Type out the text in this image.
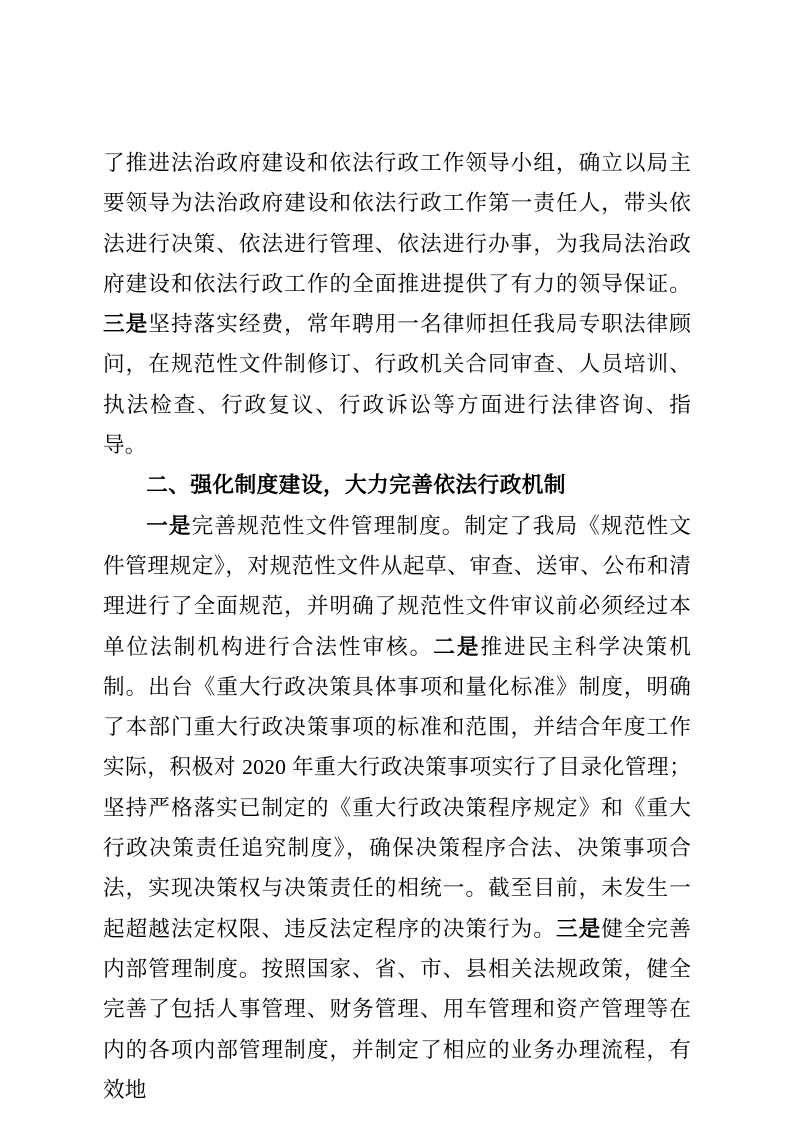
了推进法治政府建设和依法行政工作领导小组，确立以局主要领导为法治政府建设和依法行政工作第一责任人，带头依法进行决策、依法进行管理、依法进行办事，为我局法治政府建设和依法行政工作的全面推进提供了有力的领导保证。三是坚持落实经费，常年聘用一名律师担任我局专职法律顾问，在规范性文件制修订、行政机关合同审查、人员培训、执法检查、行政复议、行政诉讼等方面进行法律咨询、指导。

二、强化制度建设，大力完善依法行政机制

一是完善规范性文件管理制度。制定了我局《规范性文件管理规定》，对规范性文件从起草、审查、送审、公布和清理进行了全面规范，并明确了规范性文件审议前必须经过本单位法制机构进行合法性审核。二是推进民主科学决策机制。出台《重大行政决策具体事项和量化标准》制度，明确了本部门重大行政决策事项的标准和范围，并结合年度工作实际，积极对 2020 年重大行政决策事项实行了目录化管理；坚持严格落实已制定的《重大行政决策程序规定》和《重大行政决策责任追究制度》，确保决策程序合法、决策事项合法，实现决策权与决策责任的相统一。截至目前，未发生一起超越法定权限、违反法定程序的决策行为。三是健全完善内部管理制度。按照国家、省、市、县相关法规政策，健全完善了包括人事管理、财务管理、用车管理和资产管理等在内的各项内部管理制度，并制定了相应的业务办理流程，有效地
